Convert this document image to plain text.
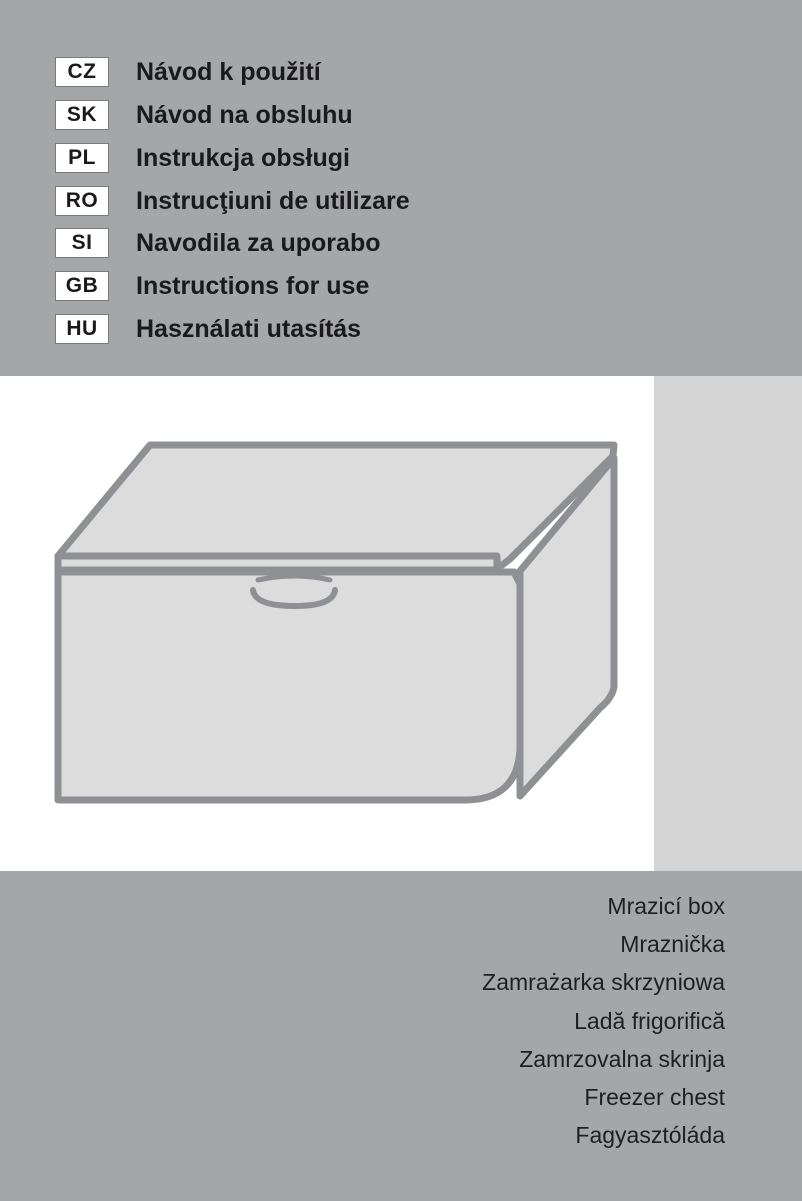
CZ	Návod k použití
SK	Návod na obsluhu
PL	Instrukcja obsługi
RO	Instrucţiuni de utilizare
SI	Navodila za uporabo
GB	Instructions for use
HU	Használati utasítás
Mrazicí box
Mraznička
Zamrażarka skrzyniowa
Ladă frigorifică
Zamrzovalna skrinja
Freezer chest
Fagyasztóláda
